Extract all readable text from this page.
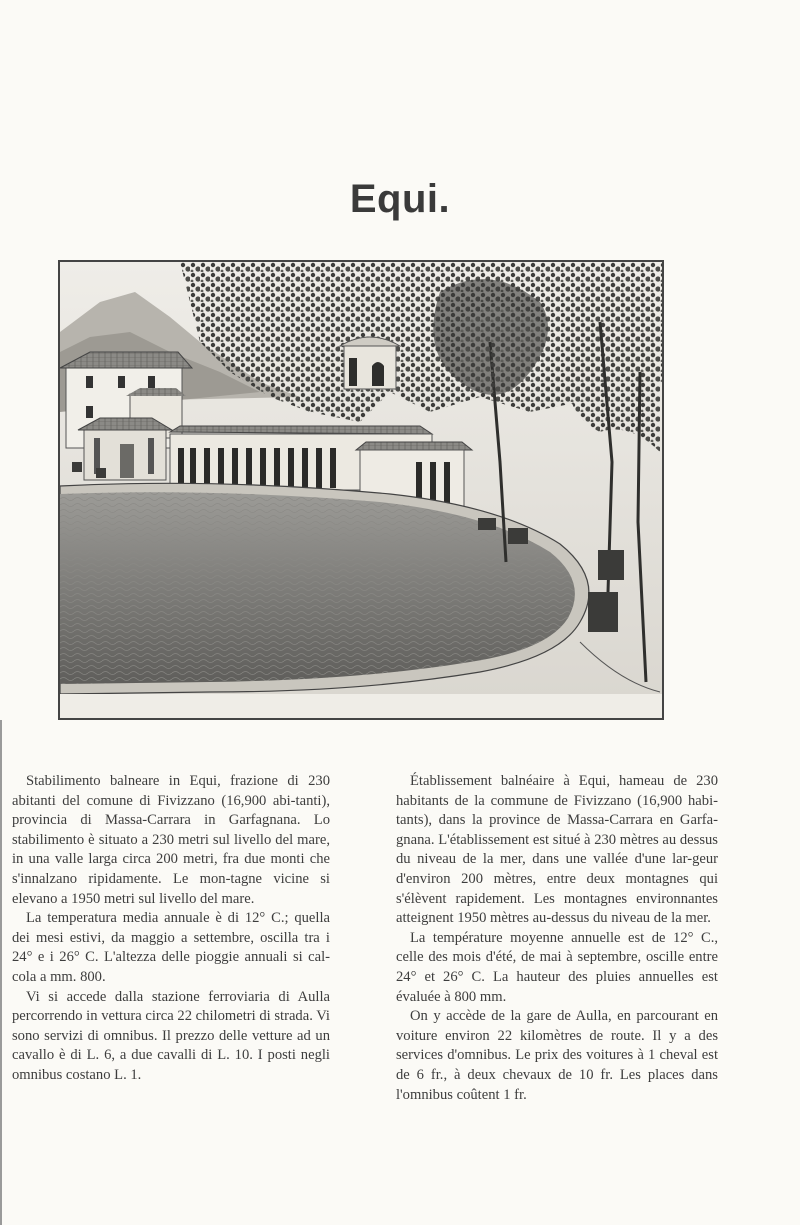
Equi.

Stabilimento balneare in Equi, frazione di 230 abitanti del comune di Fivizzano (16,900 abi-tanti), provincia di Massa-Carrara in Garfagnana. Lo stabilimento è situato a 230 metri sul livello del mare, in una valle larga circa 200 metri, fra due monti che s'innalzano ripidamente. Le mon-tagne vicine si elevano a 1950 metri sul livello del mare.

La temperatura media annuale è di 12° C.; quella dei mesi estivi, da maggio a settembre, oscilla tra i 24° e i 26° C. L'altezza delle pioggie annuali si cal-cola a mm. 800.

Vi si accede dalla stazione ferroviaria di Aulla percorrendo in vettura circa 22 chilometri di strada. Vi sono servizi di omnibus. Il prezzo delle vetture ad un cavallo è di L. 6, a due cavalli di L. 10. I posti negli omnibus costano L. 1.

Établissement balnéaire à Equi, hameau de 230 habitants de la commune de Fivizzano (16,900 habi-tants), dans la province de Massa-Carrara en Garfa-gnana. L'établissement est situé à 230 mètres au dessus du niveau de la mer, dans une vallée d'une lar-geur d'environ 200 mètres, entre deux montagnes qui s'élèvent rapidement. Les montagnes environnantes atteignent 1950 mètres au-dessus du niveau de la mer.

La température moyenne annuelle est de 12° C., celle des mois d'été, de mai à septembre, oscille entre 24° et 26° C. La hauteur des pluies annuelles est évaluée à 800 mm.

On y accède de la gare de Aulla, en parcourant en voiture environ 22 kilomètres de route. Il y a des services d'omnibus. Le prix des voitures à 1 cheval est de 6 fr., à deux chevaux de 10 fr. Les places dans l'omnibus coûtent 1 fr.
